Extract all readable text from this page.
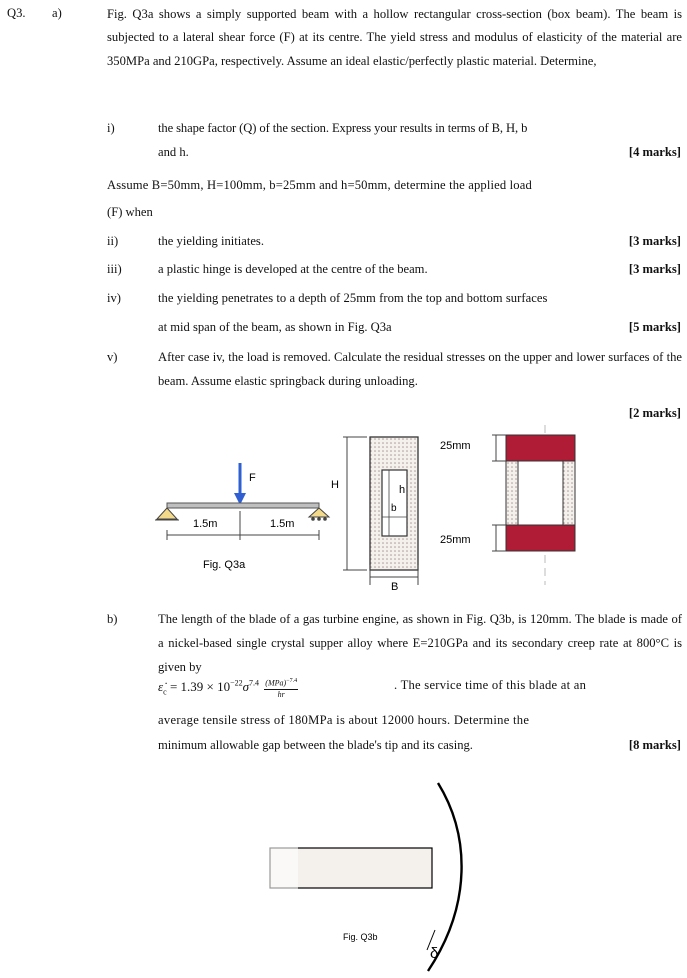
Q3. a)	Fig. Q3a shows a simply supported beam with a hollow rectangular cross-section (box beam). The beam is subjected to a lateral shear force (F) at its centre. The yield stress and modulus of elasticity of the material are 350MPa and 210GPa, respectively. Assume an ideal elastic/perfectly plastic material. Determine,
i)	the shape factor (Q) of the section. Express your results in terms of B, H, b
and h.	[4 marks]
Assume B=50mm, H=100mm, b=25mm and h=50mm, determine the applied load
(F) when
ii)	the yielding initiates.	[3 marks]
iii)	a plastic hinge is developed at the centre of the beam.	[3 marks]
iv)	the yielding penetrates to a depth of 25mm from the top and bottom surfaces
at mid span of the beam, as shown in Fig. Q3a	[5 marks]
v)	After case iv, the load is removed. Calculate the residual stresses on the upper and lower surfaces of the beam. Assume elastic springback during unloading.
[2 marks]
F
1.5m	1.5m
Fig. Q3a
H	h
b
B
25mm
25mm
b)	The length of the blade of a gas turbine engine, as shown in Fig. Q3b, is 120mm. The blade is made of a nickel-based single crystal supper alloy where E=210GPa and its secondary creep rate at 800°C is given by
$\varepsiloṅ_c = 1.39 \times 10^{-22}\sigma^{7.4}$ (MPa)$^{-7.4}$
hr
. The service time of this blade at an
average tensile stress of 180MPa is about 12000 hours. Determine the
minimum allowable gap between the blade's tip and its casing.	[8 marks]
Fig. Q3b
δ
